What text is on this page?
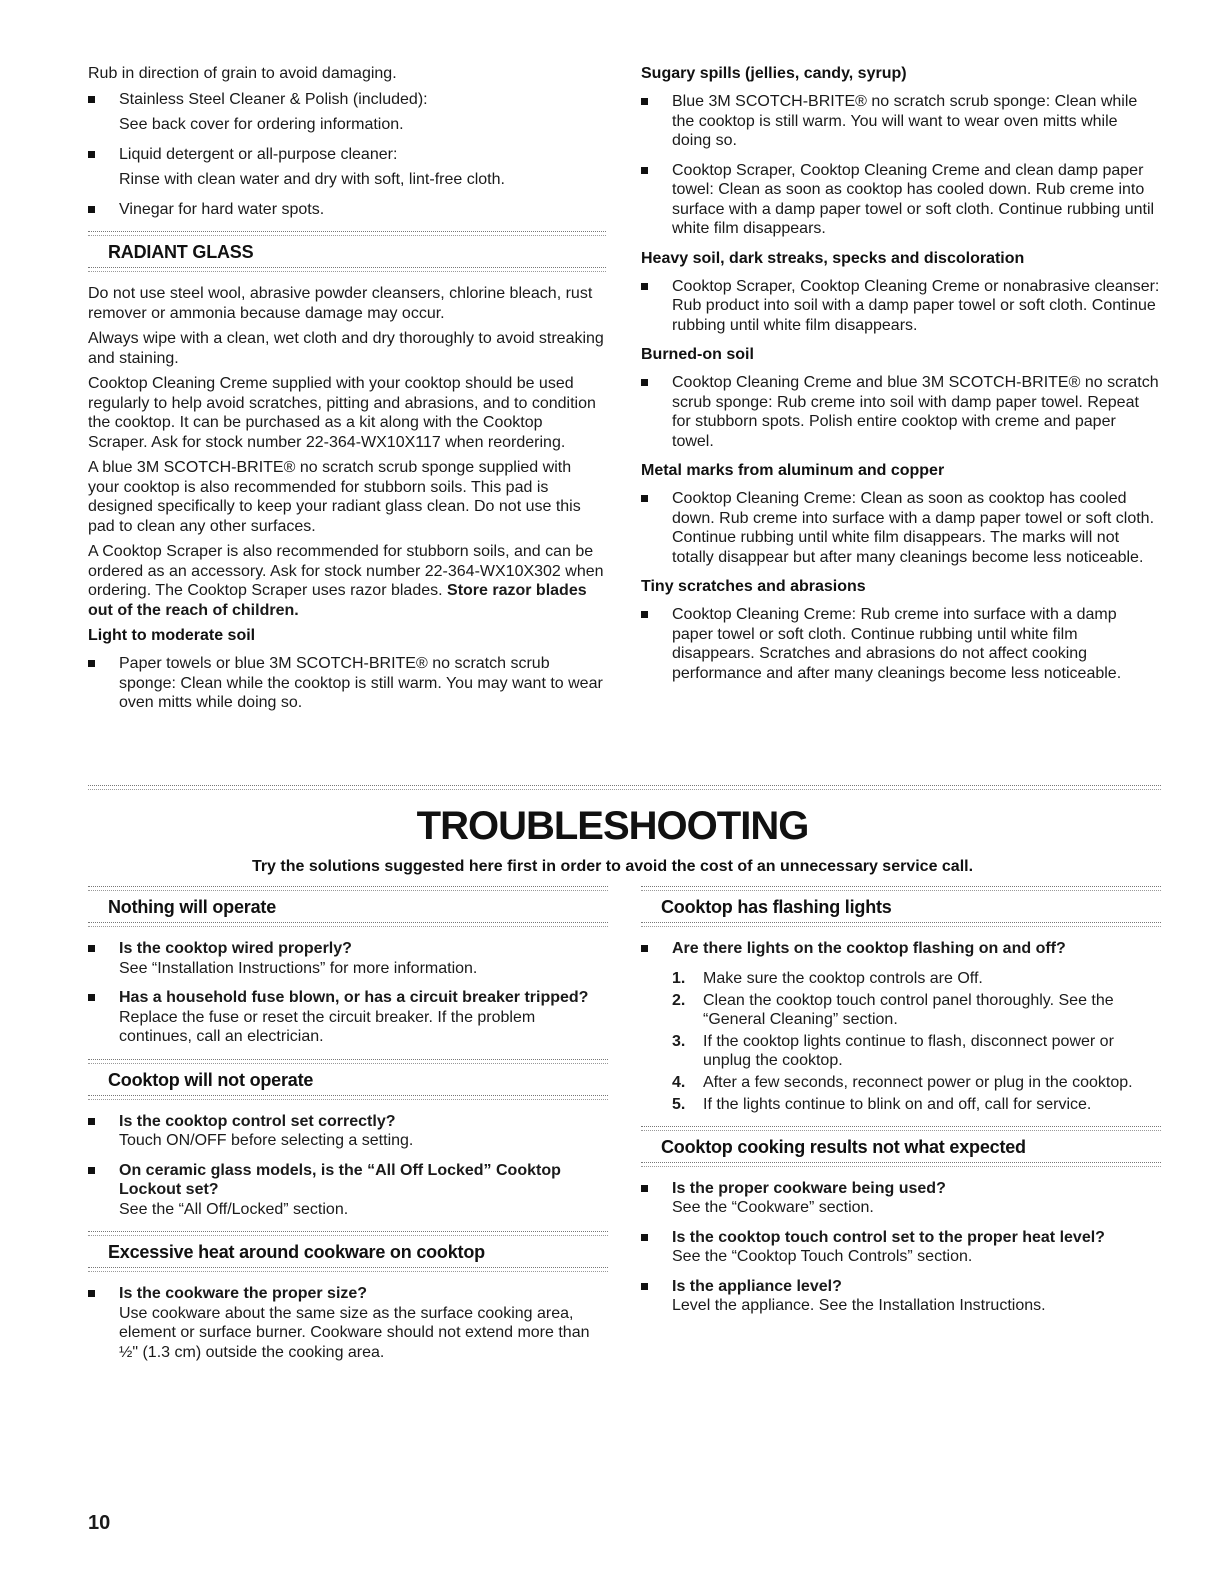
Rub in direction of grain to avoid damaging.

Stainless Steel Cleaner & Polish (included):
See back cover for ordering information.
Liquid detergent or all-purpose cleaner:
Rinse with clean water and dry with soft, lint-free cloth.
Vinegar for hard water spots.
RADIANT GLASS

Do not use steel wool, abrasive powder cleansers, chlorine bleach, rust remover or ammonia because damage may occur.

Always wipe with a clean, wet cloth and dry thoroughly to avoid streaking and staining.

Cooktop Cleaning Creme supplied with your cooktop should be used regularly to help avoid scratches, pitting and abrasions, and to condition the cooktop. It can be purchased as a kit along with the Cooktop Scraper. Ask for stock number 22-364-WX10X117 when reordering.

A blue 3M SCOTCH-BRITE® no scratch scrub sponge supplied with your cooktop is also recommended for stubborn soils. This pad is designed specifically to keep your radiant glass clean. Do not use this pad to clean any other surfaces.

A Cooktop Scraper is also recommended for stubborn soils, and can be ordered as an accessory. Ask for stock number 22-364-WX10X302 when ordering. The Cooktop Scraper uses razor blades. Store razor blades out of the reach of children.

Light to moderate soil
Paper towels or blue 3M SCOTCH-BRITE® no scratch scrub sponge: Clean while the cooktop is still warm. You may want to wear oven mitts while doing so.
Sugary spills (jellies, candy, syrup)
Blue 3M SCOTCH-BRITE® no scratch scrub sponge: Clean while the cooktop is still warm. You will want to wear oven mitts while doing so.
Cooktop Scraper, Cooktop Cleaning Creme and clean damp paper towel: Clean as soon as cooktop has cooled down. Rub creme into surface with a damp paper towel or soft cloth. Continue rubbing until white film disappears.
Heavy soil, dark streaks, specks and discoloration
Cooktop Scraper, Cooktop Cleaning Creme or nonabrasive cleanser: Rub product into soil with a damp paper towel or soft cloth. Continue rubbing until white film disappears.
Burned-on soil
Cooktop Cleaning Creme and blue 3M SCOTCH-BRITE® no scratch scrub sponge: Rub creme into soil with damp paper towel. Repeat for stubborn spots. Polish entire cooktop with creme and paper towel.
Metal marks from aluminum and copper
Cooktop Cleaning Creme: Clean as soon as cooktop has cooled down. Rub creme into surface with a damp paper towel or soft cloth. Continue rubbing until white film disappears. The marks will not totally disappear but after many cleanings become less noticeable.
Tiny scratches and abrasions
Cooktop Cleaning Creme: Rub creme into surface with a damp paper towel or soft cloth. Continue rubbing until white film disappears. Scratches and abrasions do not affect cooking performance and after many cleanings become less noticeable.
TROUBLESHOOTING
Try the solutions suggested here first in order to avoid the cost of an unnecessary service call.
Nothing will operate
Is the cooktop wired properly?
See “Installation Instructions” for more information.
Has a household fuse blown, or has a circuit breaker tripped?
Replace the fuse or reset the circuit breaker. If the problem continues, call an electrician.
Cooktop will not operate
Is the cooktop control set correctly?
Touch ON/OFF before selecting a setting.
On ceramic glass models, is the “All Off Locked” Cooktop Lockout set?
See the “All Off/Locked” section.
Excessive heat around cookware on cooktop
Is the cookware the proper size?
Use cookware about the same size as the surface cooking area, element or surface burner. Cookware should not extend more than ½" (1.3 cm) outside the cooking area.
Cooktop has flashing lights
Are there lights on the cooktop flashing on and off?
1. Make sure the cooktop controls are Off.
2. Clean the cooktop touch control panel thoroughly. See the “General Cleaning” section.
3. If the cooktop lights continue to flash, disconnect power or unplug the cooktop.
4. After a few seconds, reconnect power or plug in the cooktop.
5. If the lights continue to blink on and off, call for service.
Cooktop cooking results not what expected
Is the proper cookware being used?
See the “Cookware” section.
Is the cooktop touch control set to the proper heat level?
See the “Cooktop Touch Controls” section.
Is the appliance level?
Level the appliance. See the Installation Instructions.
10
